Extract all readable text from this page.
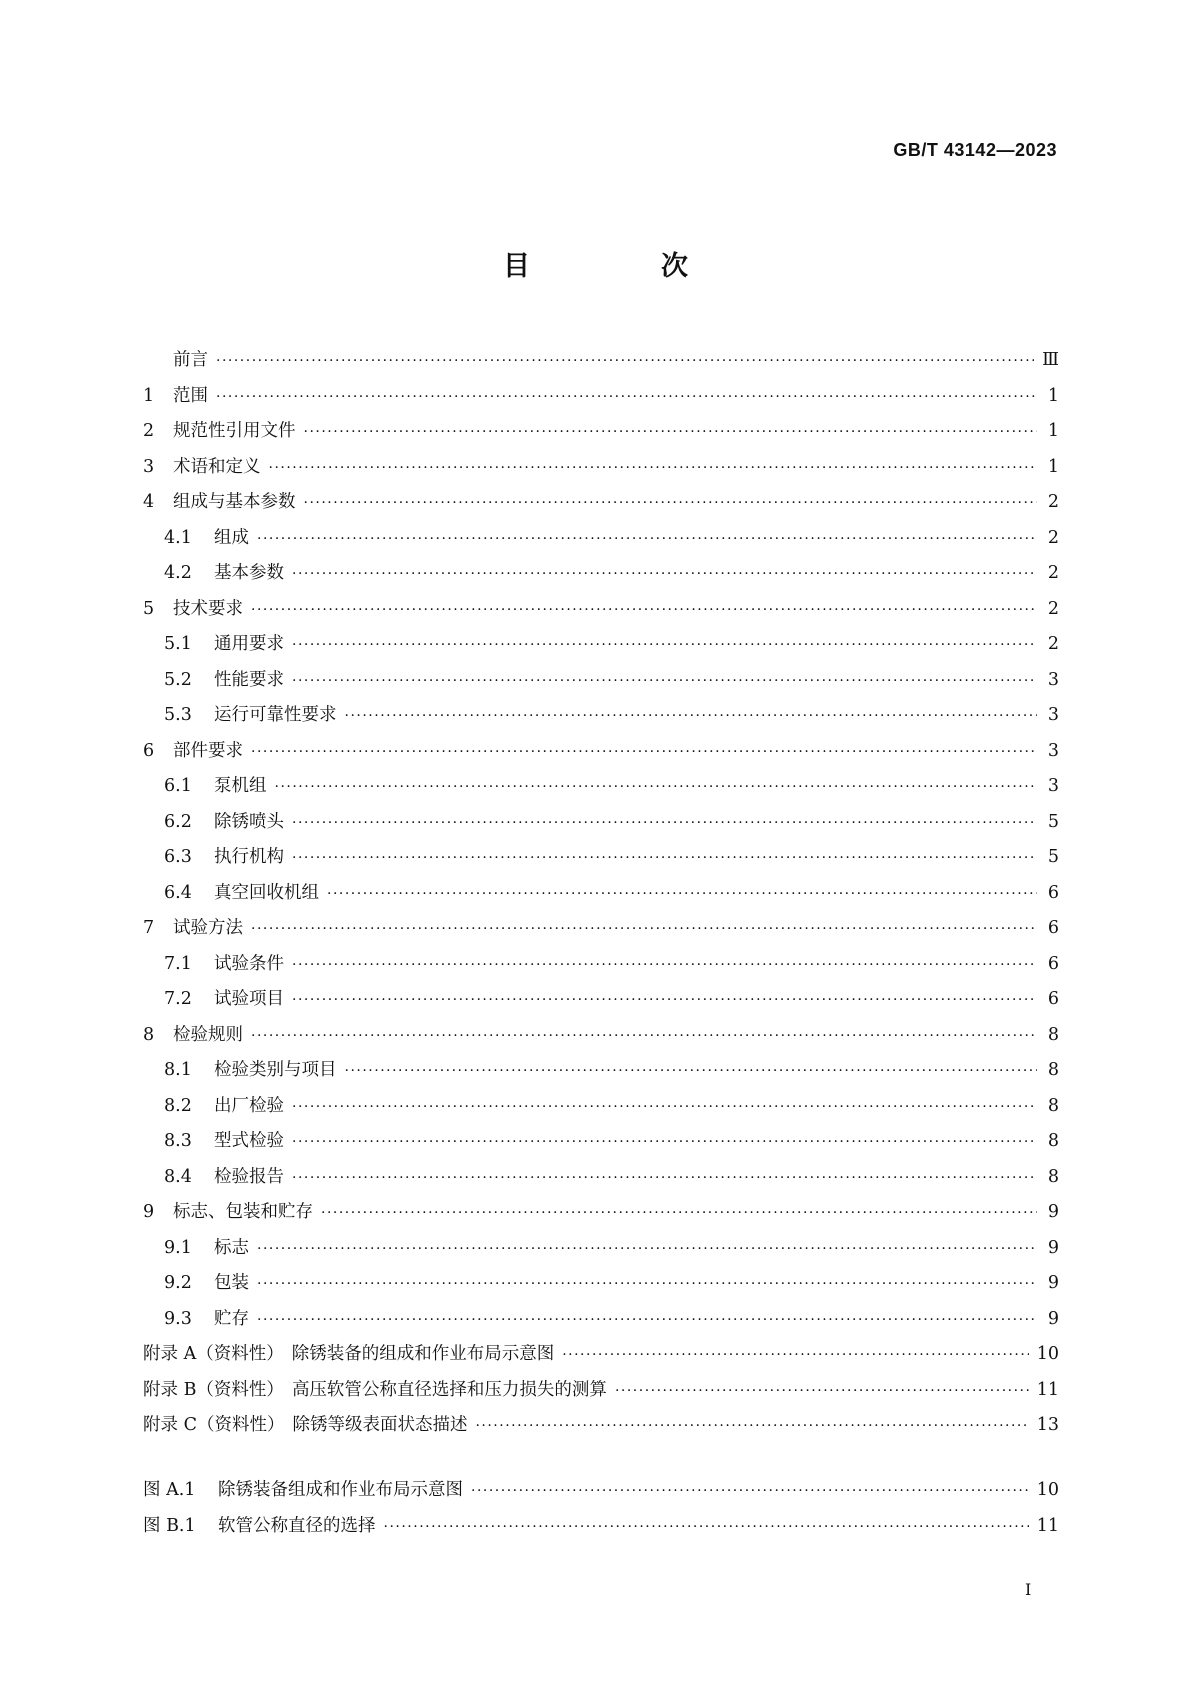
GB/T 43142—2023
目　次
前言 ·····	Ⅲ
1	范围 ·····	1
2	规范性引用文件 ·····	1
3	术语和定义 ·····	1
4	组成与基本参数 ·····	2
4.1	组成 ·····	2
4.2	基本参数 ·····	2
5	技术要求 ·····	2
5.1	通用要求 ·····	2
5.2	性能要求 ·····	3
5.3	运行可靠性要求 ·····	3
6	部件要求 ·····	3
6.1	泵机组 ·····	3
6.2	除锈喷头 ·····	5
6.3	执行机构 ·····	5
6.4	真空回收机组 ·····	6
7	试验方法 ·····	6
7.1	试验条件 ·····	6
7.2	试验项目 ·····	6
8	检验规则 ·····	8
8.1	检验类别与项目 ·····	8
8.2	出厂检验 ·····	8
8.3	型式检验 ·····	8
8.4	检验报告 ·····	8
9	标志、包装和贮存 ·····	9
9.1	标志 ·····	9
9.2	包装 ·····	9
9.3	贮存 ·····	9
附录 A（资料性） 除锈装备的组成和作业布局示意图 ·····	10
附录 B（资料性） 高压软管公称直径选择和压力损失的测算 ·····	11
附录 C（资料性） 除锈等级表面状态描述 ·····	13
图 A.1	除锈装备组成和作业布局示意图 ·····	10
图 B.1	软管公称直径的选择 ·····	11
Ⅰ
